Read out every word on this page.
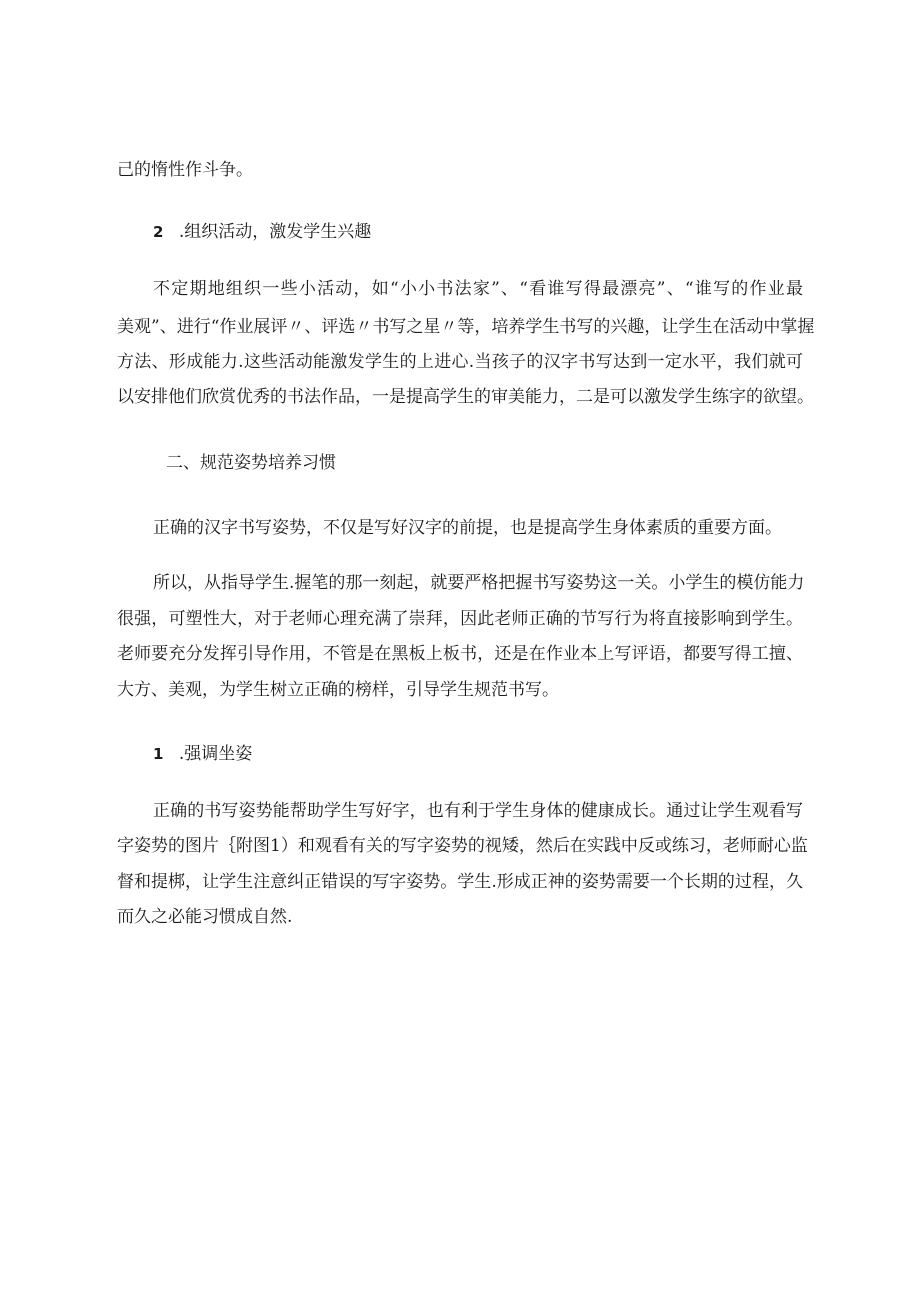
己的惰性作斗争。

2 .组织活动，激发学生兴趣

不定期地组织一些小活动，如“小小书法家”、“看谁写得最漂亮”、“谁写的作业最

美观”、进行“作业展评〃、评选〃书写之星〃等，培养学生书写的兴趣，让学生在活动中掌握

方法、形成能力.这些活动能激发学生的上进心.当孩子的汉字书写达到一定水平，我们就可

以安排他们欣赏优秀的书法作品，一是提高学生的审美能力，二是可以激发学生练字的欲望。

二、规范姿势培养习惯

正确的汉字书写姿势，不仅是写好汉字的前提，也是提高学生身体素质的重要方面。

所以，从指导学生.握笔的那一刻起，就要严格把握书写姿势这一关。小学生的模仿能力

很强，可塑性大，对于老师心理充满了崇拜，因此老师正确的节写行为将直接影响到学生。

老师要充分发挥引导作用，不管是在黑板上板书，还是在作业本上写评语，都要写得工擅、

大方、美观，为学生树立正确的榜样，引导学生规范书写。

1 .强调坐姿

正确的书写姿势能帮助学生写好字，也有利于学生身体的健康成长。通过让学生观看写

字姿势的图片｛附图1）和观看有关的写字姿势的视矮，然后在实践中反或练习，老师耐心监

督和提梆，让学生注意纠正错误的写字姿势。学生.形成正神的姿势需要一个长期的过程，久

而久之必能习惯成自然.
